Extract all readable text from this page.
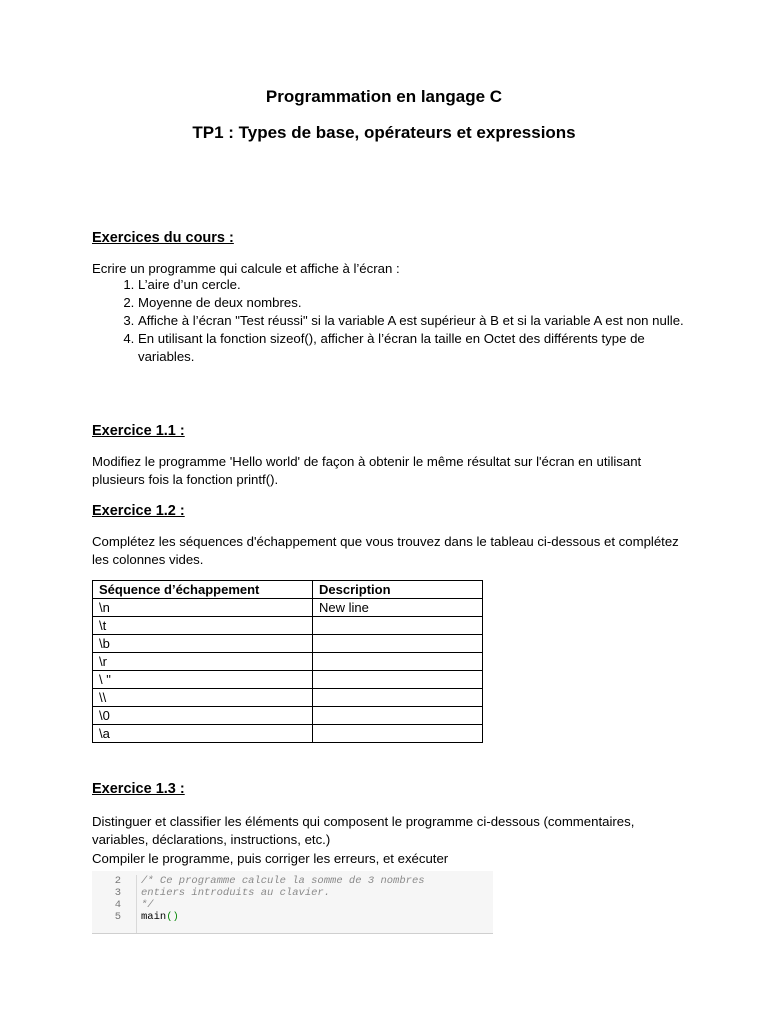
Programmation en langage C
TP1 : Types de base, opérateurs et expressions
Exercices du cours :
Ecrire un programme qui calcule et affiche à l’écran :
1. L’aire d’un cercle.
2. Moyenne de deux nombres.
3. Affiche à l’écran "Test réussi" si la variable A est supérieur à B et si la variable A est non nulle.
4. En utilisant la fonction sizeof(), afficher à l’écran la taille en Octet des différents type de variables.
Exercice 1.1 :
Modifiez le programme 'Hello world' de façon à obtenir le même résultat sur l'écran en utilisant plusieurs fois la fonction printf().
Exercice 1.2 :
Complétez les séquences d'échappement que vous trouvez dans le tableau ci-dessous et complétez les colonnes vides.
Séquence d’échappement	Description
\n	New line
\t	
\b	
\r	
\ "	
\\	
\0	
\a	
Exercice 1.3 :
Distinguer et classifier les éléments qui composent le programme ci-dessous (commentaires, variables, déclarations, instructions, etc.)
Compiler le programme, puis corriger les erreurs, et exécuter
2
3
4
5
/* Ce programme calcule la somme de 3 nombres
entiers introduits au clavier.
*/
main()
